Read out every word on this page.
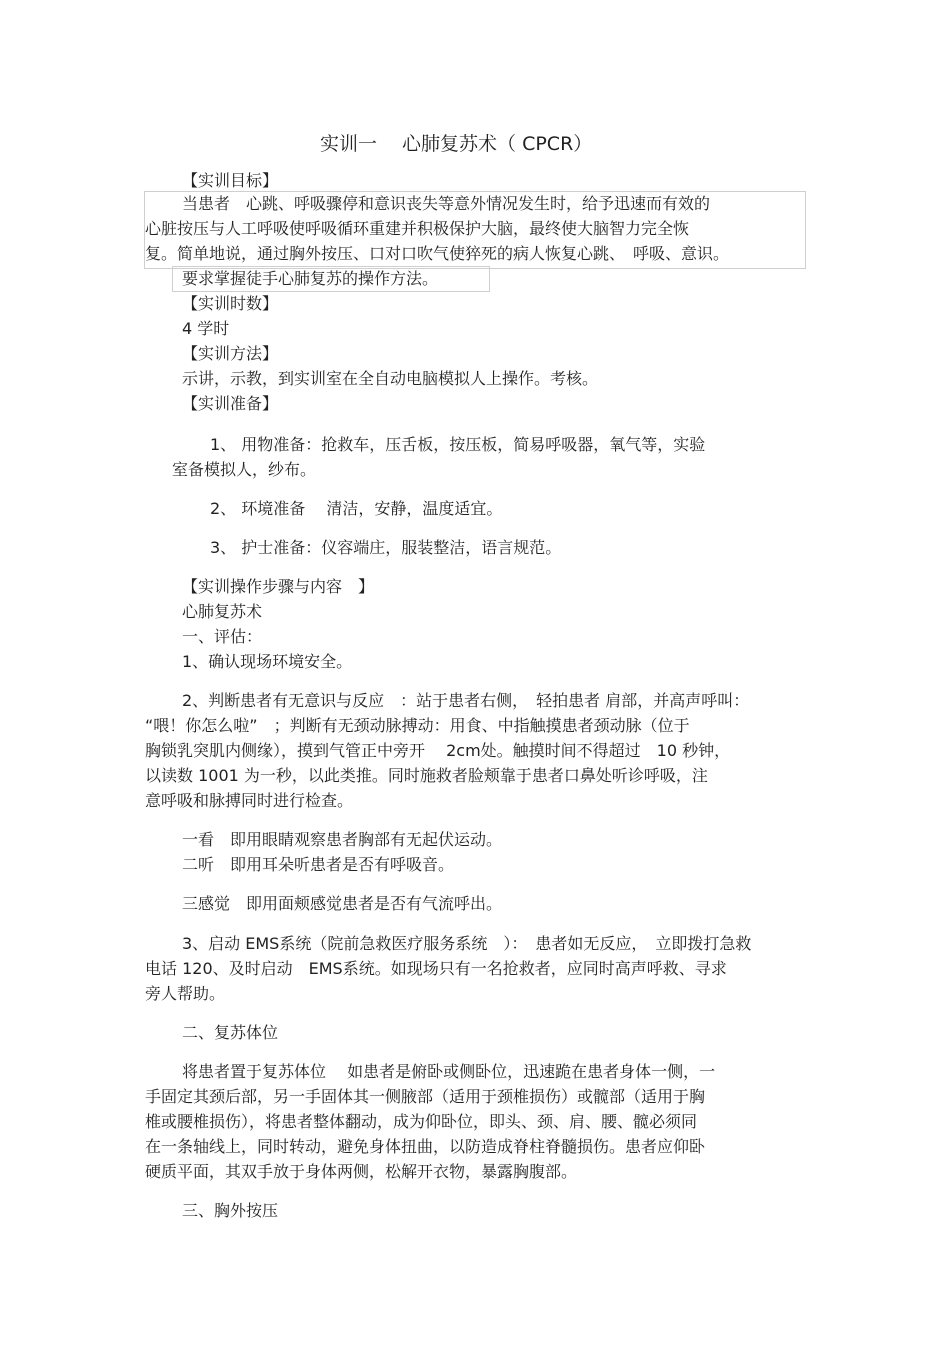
实训一　 心肺复苏术（ CPCR）
【实训目标】
当患者　心跳、呼吸骤停和意识丧失等意外情况发生时，给予迅速而有效的
心脏按压与人工呼吸使呼吸循环重建并积极保护大脑，最终使大脑智力完全恢
复。简单地说，通过胸外按压、口对口吹气使猝死的病人恢复心跳、　呼吸、意识。
要求掌握徒手心肺复苏的操作方法。
【实训时数】
4 学时
【实训方法】
示讲，示教，到实训室在全自动电脑模拟人上操作。考核。
【实训准备】
1、 用物准备：抢救车，压舌板，按压板，简易呼吸器，氧气等，实验
室备模拟人，纱布。
2、 环境准备　 清洁，安静，温度适宜。
3、 护士准备：仪容端庄，服装整洁，语言规范。
【实训操作步骤与内容　】
心肺复苏术
一、评估：
1、确认现场环境安全。
2、判断患者有无意识与反应　：站于患者右侧，　轻拍患者 肩部，并高声呼叫：
“喂！你怎么啦”　；判断有无颈动脉搏动：用食、中指触摸患者颈动脉（位于
胸锁乳突肌内侧缘），摸到气管正中旁开　 2cm处。触摸时间不得超过　10 秒钟，
以读数 1001 为一秒，以此类推。同时施救者脸颊靠于患者口鼻处听诊呼吸，注
意呼吸和脉搏同时进行检查。
一看　即用眼睛观察患者胸部有无起伏运动。
二听　即用耳朵听患者是否有呼吸音。
三感觉　即用面颊感觉患者是否有气流呼出。
3、启动 EMS系统（院前急救医疗服务系统　）：　患者如无反应，　立即拨打急救
电话 120、及时启动　EMS系统。如现场只有一名抢救者，应同时高声呼救、寻求
旁人帮助。
二、复苏体位
将患者置于复苏体位　 如患者是俯卧或侧卧位，迅速跪在患者身体一侧，一
手固定其颈后部，另一手固体其一侧腋部（适用于颈椎损伤）或髋部（适用于胸
椎或腰椎损伤），将患者整体翻动，成为仰卧位，即头、颈、肩、腰、髋必须同
在一条轴线上，同时转动，避免身体扭曲，以防造成脊柱脊髓损伤。患者应仰卧
硬质平面，其双手放于身体两侧，松解开衣物，暴露胸腹部。
三、胸外按压
